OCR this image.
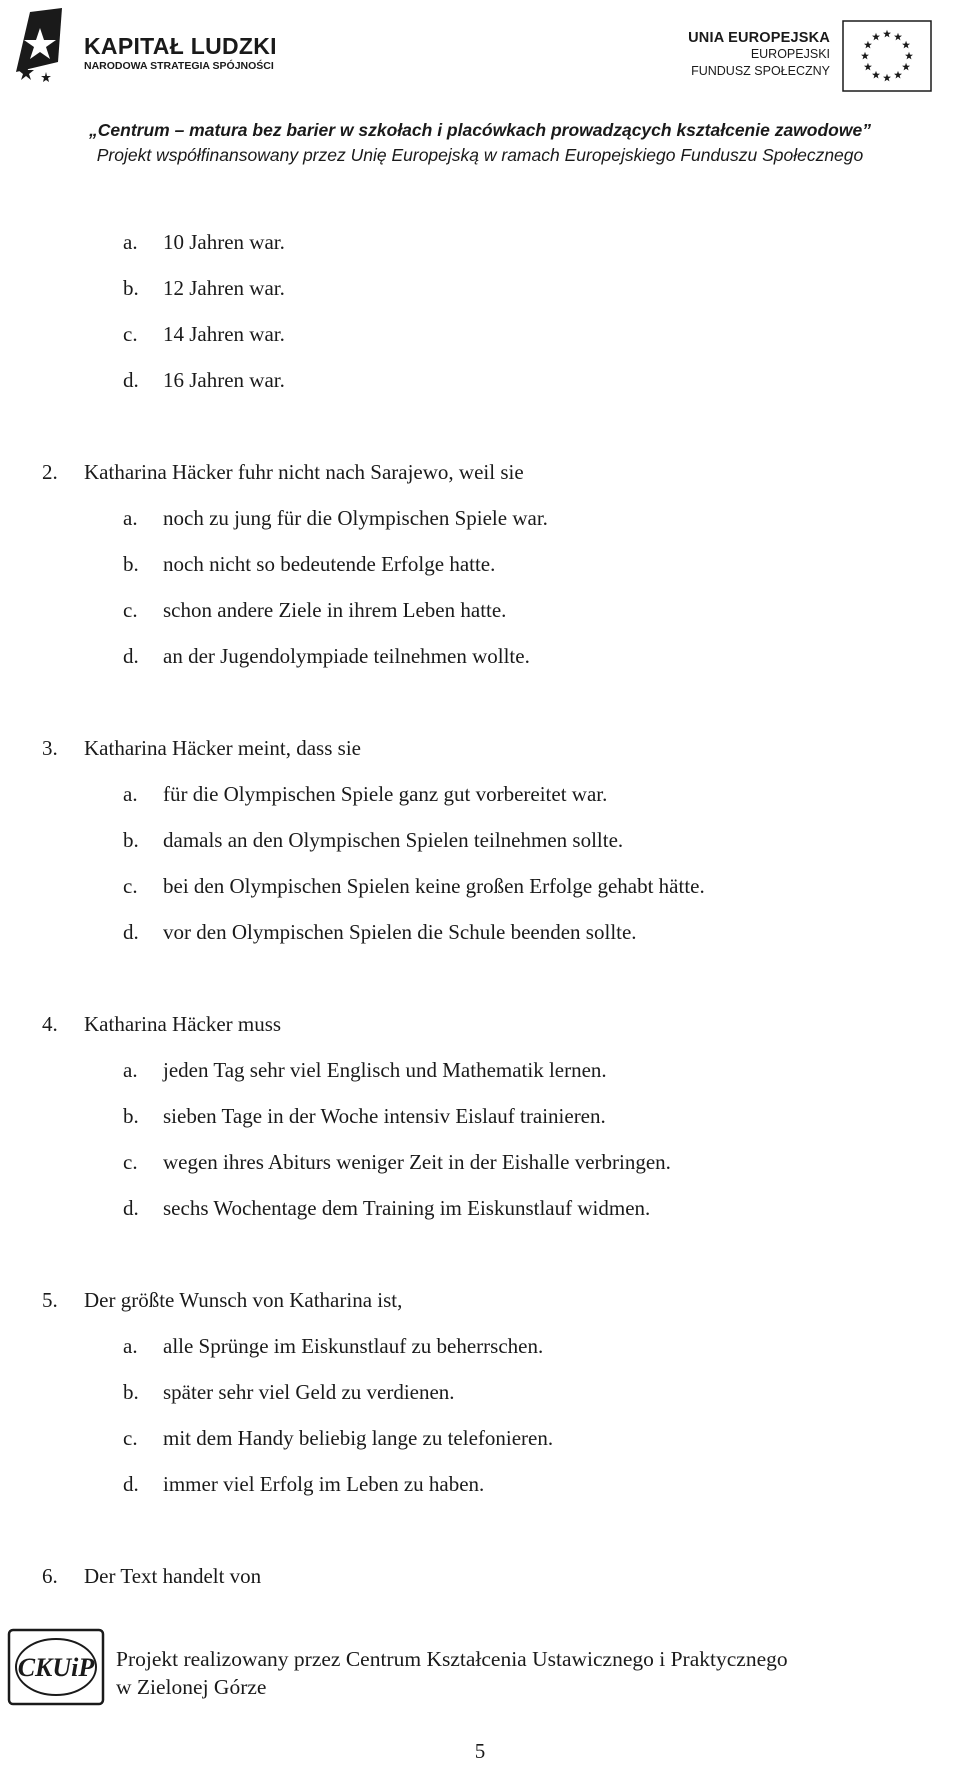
KAPITAŁ LUDZKI
NARODOWA STRATEGIA SPÓJNOŚCI
UNIA EUROPEJSKA
EUROPEJSKI
FUNDUSZ SPOŁECZNY
„Centrum – matura bez barier w szkołach i placówkach prowadzących kształcenie zawodowe”
Projekt współfinansowany przez Unię Europejską w ramach Europejskiego Funduszu Społecznego
a. 10 Jahren war.
b. 12 Jahren war.
c. 14 Jahren war.
d. 16 Jahren war.
2. Katharina Häcker fuhr nicht nach Sarajewo, weil sie
a. noch zu jung für die Olympischen Spiele war.
b. noch nicht so bedeutende Erfolge hatte.
c. schon andere Ziele in ihrem Leben hatte.
d. an der Jugendolympiade teilnehmen wollte.
3. Katharina Häcker meint, dass sie
a. für die Olympischen Spiele ganz gut vorbereitet war.
b. damals an den Olympischen Spielen teilnehmen sollte.
c. bei den Olympischen Spielen keine großen Erfolge gehabt hätte.
d. vor den Olympischen Spielen die Schule beenden sollte.
4. Katharina Häcker muss
a. jeden Tag sehr viel Englisch und Mathematik lernen.
b. sieben Tage in der Woche intensiv Eislauf trainieren.
c. wegen ihres Abiturs weniger Zeit in der Eishalle verbringen.
d. sechs Wochentage dem Training im Eiskunstlauf widmen.
5. Der größte Wunsch von Katharina ist,
a. alle Sprünge im Eiskunstlauf zu beherrschen.
b. später sehr viel Geld zu verdienen.
c. mit dem Handy beliebig lange zu telefonieren.
d. immer viel Erfolg im Leben zu haben.
6. Der Text handelt von
CKUiP Projekt realizowany przez Centrum Kształcenia Ustawicznego i Praktycznego
w Zielonej Górze
5
